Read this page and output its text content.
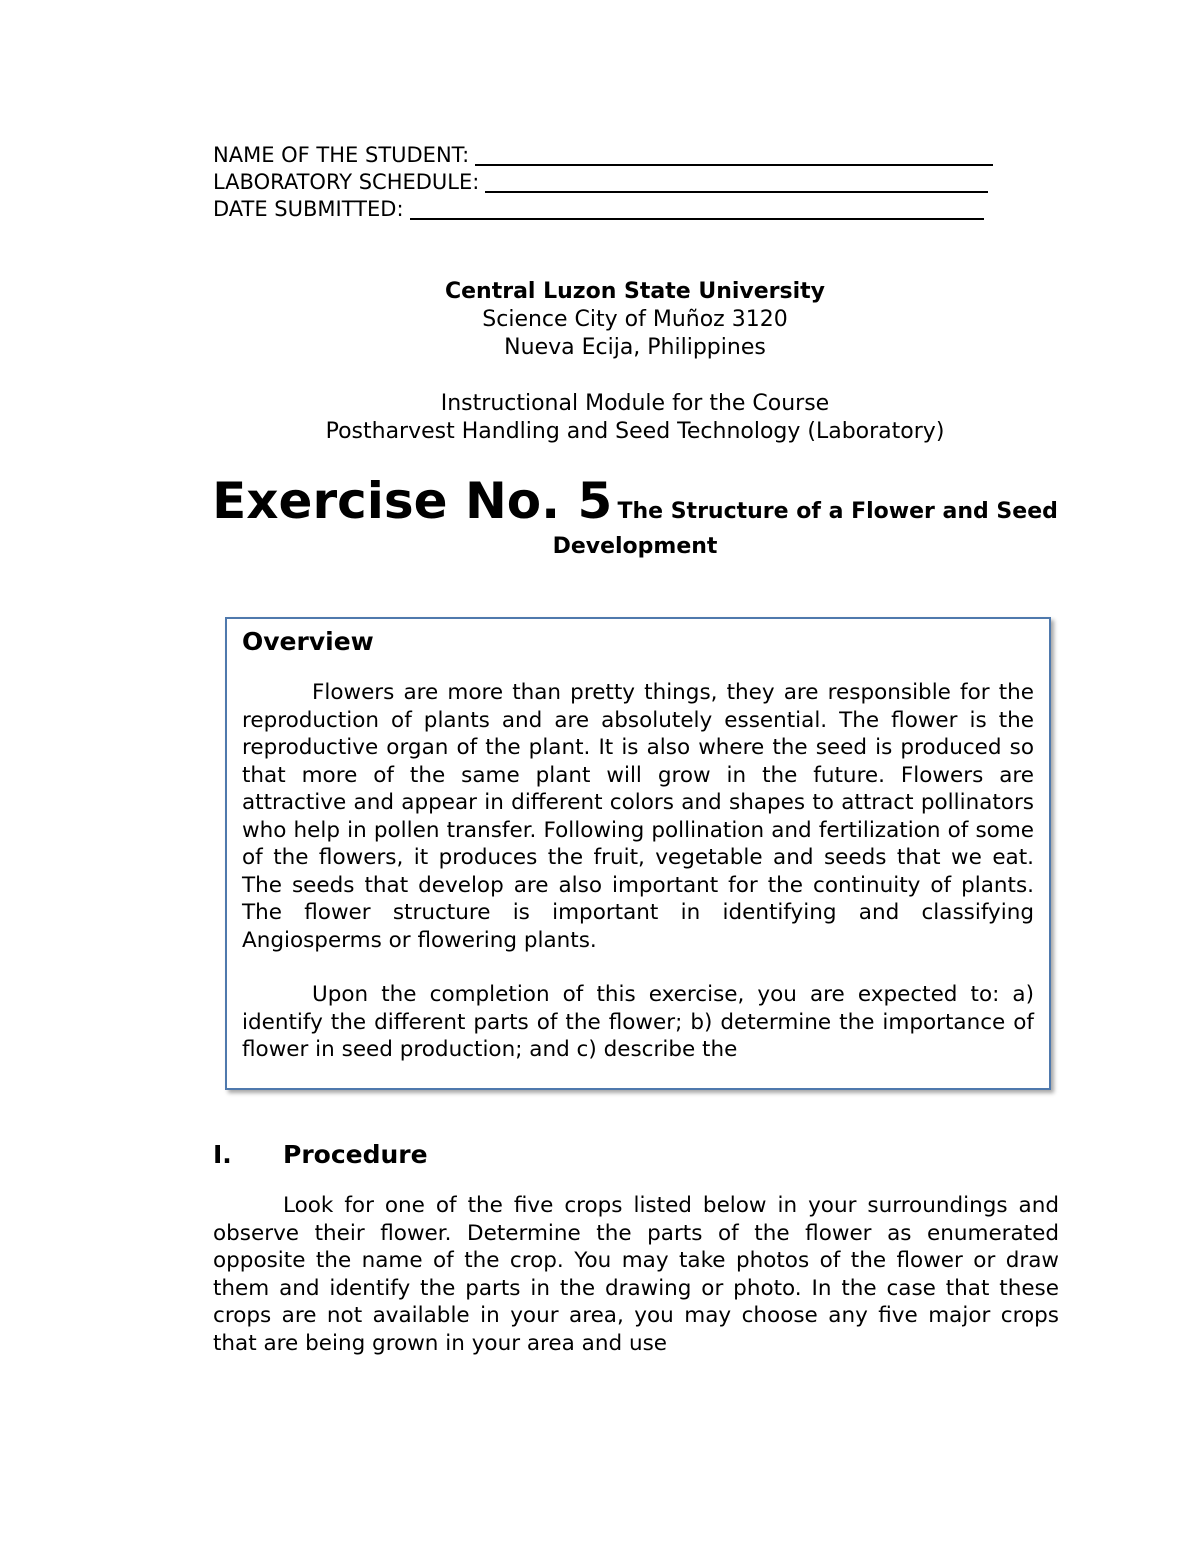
NAME OF THE STUDENT:
LABORATORY SCHEDULE:
DATE SUBMITTED:
Central Luzon State University
Science City of Muñoz 3120
Nueva Ecija, Philippines
Instructional Module for the Course
Postharvest Handling and Seed Technology (Laboratory)
Exercise No. 5 The Structure of a Flower and Seed Development
Overview

Flowers are more than pretty things, they are responsible for the reproduction of plants and are absolutely essential. The flower is the reproductive organ of the plant. It is also where the seed is produced so that more of the same plant will grow in the future. Flowers are attractive and appear in different colors and shapes to attract pollinators who help in pollen transfer. Following pollination and fertilization of some of the flowers, it produces the fruit, vegetable and seeds that we eat. The seeds that develop are also important for the continuity of plants. The flower structure is important in identifying and classifying Angiosperms or flowering plants.

Upon the completion of this exercise, you are expected to: a) identify the different parts of the flower; b) determine the importance of flower in seed production; and c) describe the

I. Procedure

Look for one of the five crops listed below in your surroundings and observe their flower. Determine the parts of the flower as enumerated opposite the name of the crop. You may take photos of the flower or draw them and identify the parts in the drawing or photo. In the case that these crops are not available in your area, you may choose any five major crops that are being grown in your area and use
